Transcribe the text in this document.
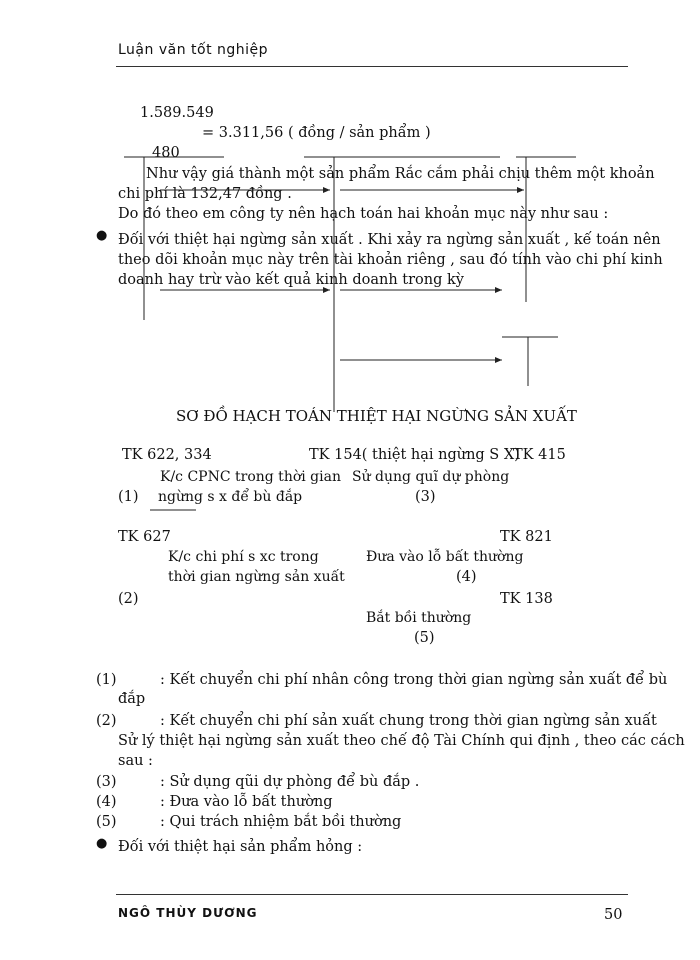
Luận văn tốt nghiệp
1.589.549
= 3.311,56 ( đồng / sản phẩm )
480
Như vậy giá thành một sản phẩm Rắc cắm phải chịu thêm một khoản
chi phí là 132,47 đồng .
Do đó theo em công ty nên hạch toán hai khoản mục này như sau :
● Đối với thiệt hại ngừng sản xuất . Khi xảy ra ngừng sản xuất , kế toán nên
theo dõi khoản mục này trên tài khoản riêng , sau đó tính vào chi phí kinh
doanh hay trừ vào kết quả kinh doanh trong kỳ
SƠ ĐỒ HẠCH TOÁN THIỆT HẠI NGỪNG SẢN XUẤT
TK 622, 334	TK 154( thiệt hại ngừng S X)
TK 415
K/c CPNC trong thời gian Sử dụng quĩ dự phòng
(1) ngừng s x để bù đắp	(3)
TK 627	TK 821
K/c chi phí s xc trong	Đưa vào lỗ bất thường
thời gian ngừng sản xuất	(4)
(2)	TK 138
Bắt bồi thường
(5)
(1)	: Kết chuyển chi phí nhân công trong thời gian ngừng sản xuất để bù
đắp
(2)	: Kết chuyển chi phí sản xuất chung trong thời gian ngừng sản xuất
Sử lý thiệt hại ngừng sản xuất theo chế độ Tài Chính qui định , theo các cách
sau :
(3)	: Sử dụng qũi dự phòng để bù đắp .
(4)	: Đưa vào lỗ bất thường
(5)	: Qui trách nhiệm bắt bồi thường
● Đối với thiệt hại sản phẩm hỏng :
NGÔ THÙY DƯƠNG	50
